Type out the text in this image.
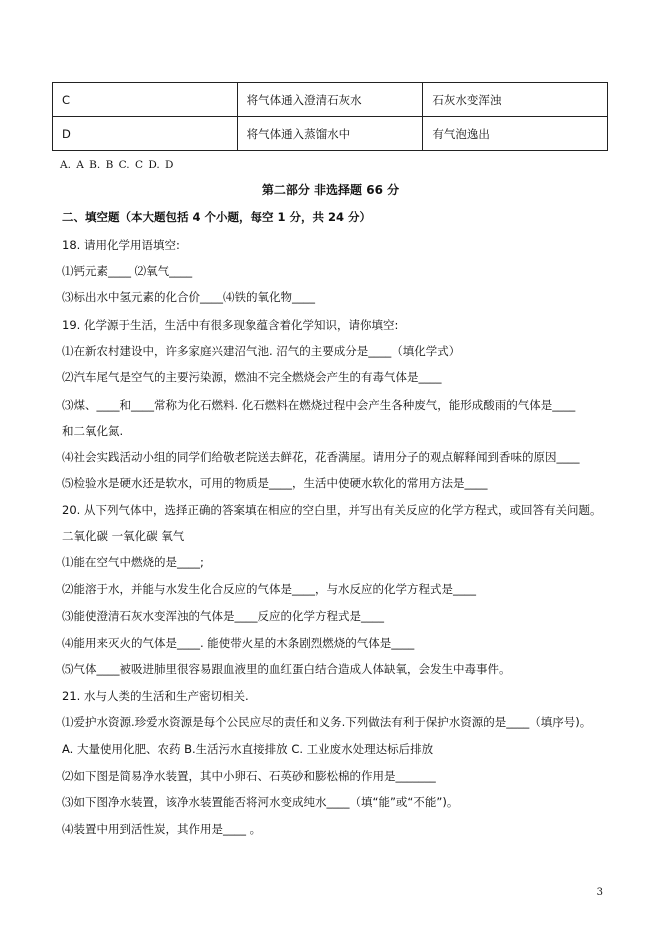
C	将气体通入澄清石灰水	石灰水变浑浊
D	将气体通入蒸馏水中	有气泡逸出
A. A B. B C. C D. D
第二部分 非选择题 66 分
二、填空题（本大题包括 4 个小题，每空 1 分，共 24 分）
18. 请用化学用语填空:
⑴钙元素____ ⑵氧气____
⑶标出水中氢元素的化合价____⑷铁的氧化物____
19. 化学源于生活，生活中有很多现象蕴含着化学知识，请你填空:
⑴在新农村建设中，许多家庭兴建沼气池. 沼气的主要成分是____（填化学式）
⑵汽车尾气是空气的主要污染源，燃油不完全燃烧会产生的有毒气体是____
⑶煤、____和____常称为化石燃料. 化石燃料在燃烧过程中会产生各种废气，能形成酸雨的气体是____
和二氧化氮.
⑷社会实践活动小组的同学们给敬老院送去鲜花，花香满屋。请用分子的观点解释闻到香味的原因____
⑸检验水是硬水还是软水，可用的物质是____，生活中使硬水软化的常用方法是____
20. 从下列气体中，选择正确的答案填在相应的空白里，并写出有关反应的化学方程式，或回答有关问题。
二氧化碳 一氧化碳 氧气
⑴能在空气中燃烧的是____;
⑵能溶于水，并能与水发生化合反应的气体是____，与水反应的化学方程式是____
⑶能使澄清石灰水变浑浊的气体是____反应的化学方程式是____
⑷能用来灭火的气体是____. 能使带火星的木条剧烈燃烧的气体是____
⑸气体____被吸进肺里很容易跟血液里的血红蛋白结合造成人体缺氧，会发生中毒事件。
21. 水与人类的生活和生产密切相关.
⑴爱护水资源.珍爱水资源是每个公民应尽的责任和义务.下列做法有利于保护水资源的是____（填序号)。
A. 大量使用化肥、农药 B.生活污水直接排放 C. 工业废水处理达标后排放
⑵如下图是简易净水装置，其中小卵石、石英砂和膨松棉的作用是_______
⑶如下图净水装置，该净水装置能否将河水变成纯水____（填“能”或“不能”)。
⑷装置中用到活性炭，其作用是____ 。
3
